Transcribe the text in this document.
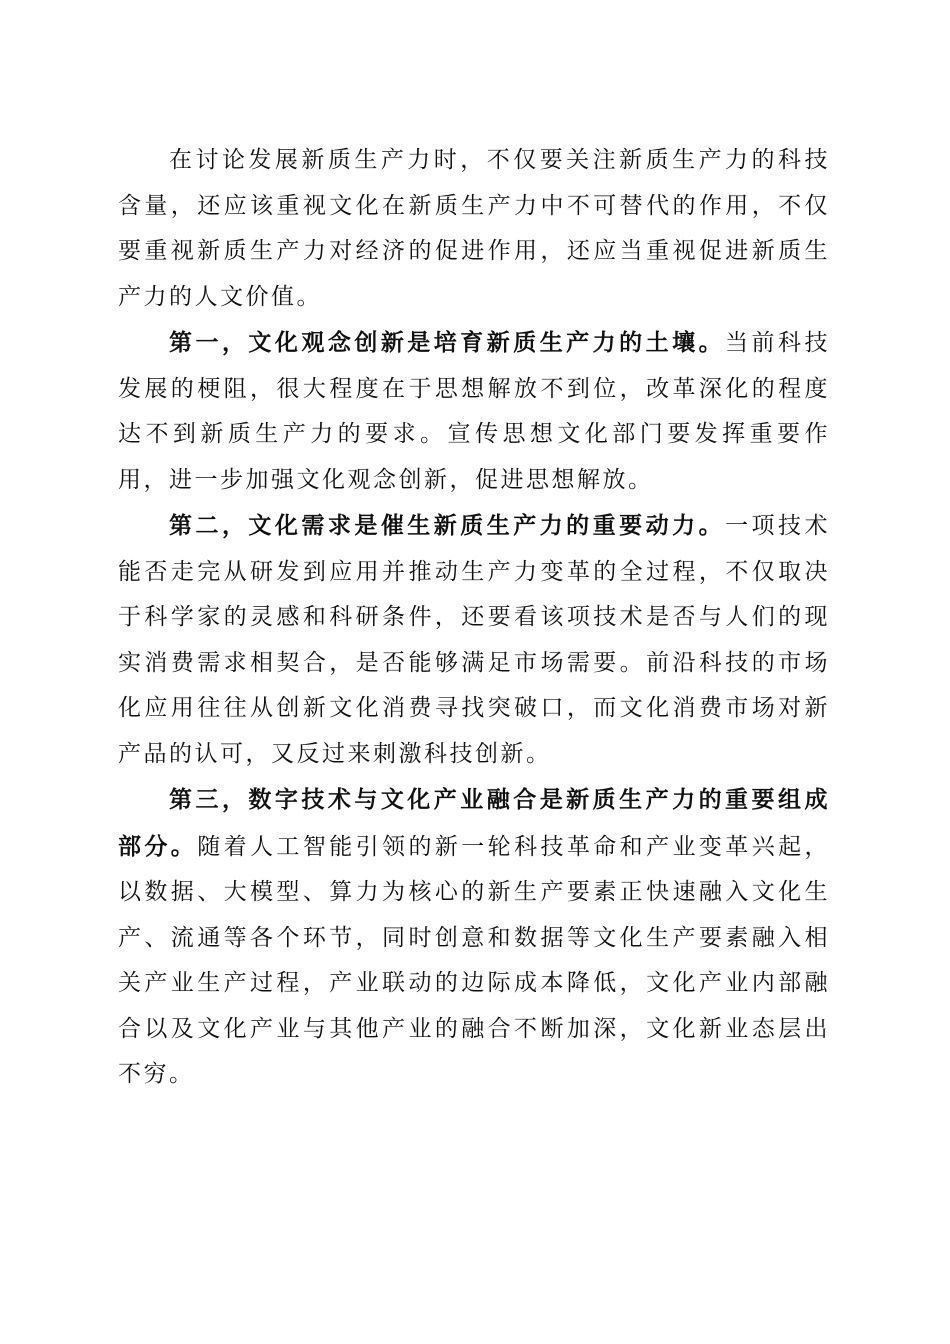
在讨论发展新质生产力时，不仅要关注新质生产力的科技含量，还应该重视文化在新质生产力中不可替代的作用，不仅要重视新质生产力对经济的促进作用，还应当重视促进新质生产力的人文价值。

第一，文化观念创新是培育新质生产力的土壤。当前科技发展的梗阻，很大程度在于思想解放不到位，改革深化的程度达不到新质生产力的要求。宣传思想文化部门要发挥重要作用，进一步加强文化观念创新，促进思想解放。

第二，文化需求是催生新质生产力的重要动力。一项技术能否走完从研发到应用并推动生产力变革的全过程，不仅取决于科学家的灵感和科研条件，还要看该项技术是否与人们的现实消费需求相契合，是否能够满足市场需要。前沿科技的市场化应用往往从创新文化消费寻找突破口，而文化消费市场对新产品的认可，又反过来刺激科技创新。

第三，数字技术与文化产业融合是新质生产力的重要组成部分。随着人工智能引领的新一轮科技革命和产业变革兴起，以数据、大模型、算力为核心的新生产要素正快速融入文化生产、流通等各个环节，同时创意和数据等文化生产要素融入相关产业生产过程，产业联动的边际成本降低，文化产业内部融合以及文化产业与其他产业的融合不断加深，文化新业态层出不穷。
